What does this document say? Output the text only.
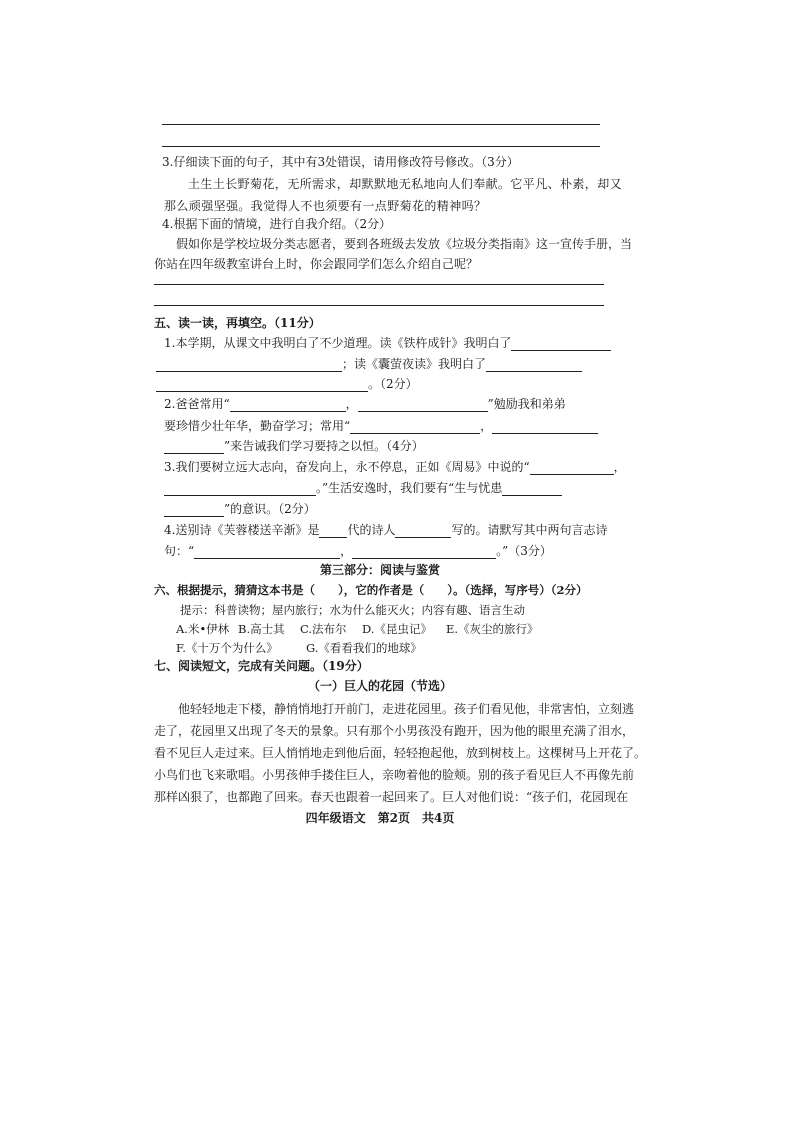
3.仔细读下面的句子，其中有3处错误，请用修改符号修改。（3分）
土生土长野菊花，无所需求，却默默地无私地向人们奉献。它平凡、朴素，却又
那么顽强坚强。我觉得人不也须要有一点野菊花的精神吗？
4.根据下面的情境，进行自我介绍。（2分）
假如你是学校垃圾分类志愿者，要到各班级去发放《垃圾分类指南》这一宣传手册，当
你站在四年级教室讲台上时，你会跟同学们怎么介绍自己呢？
五、读一读，再填空。（11分）
1.本学期，从课文中我明白了不少道理。读《铁杵成针》我明白了
；读《囊萤夜读》我明白了
。（2分）
2.爸爸常用“	，	”勉励我和弟弟
要珍惜少壮年华，勤奋学习；常用“	，
”来告诫我们学习要持之以恒。（4分）
3.我们要树立远大志向，奋发向上，永不停息，正如《周易》中说的“	，
。”生活安逸时，我们要有“生与忧患
”的意识。（2分）
4.送别诗《芙蓉楼送辛渐》是 代的诗人	写的。请默写其中两句言志诗
句：“	，	。”（3分）
第三部分：阅读与鉴赏
六、根据提示，猜猜这本书是（　　），它的作者是（　　）。（选择，写序号）（2分）
提示：科普读物；屋内旅行；水为什么能灭火；内容有趣、语言生动
A.米•伊林 B.高士其 C.法布尔 D.《昆虫记》 E.《灰尘的旅行》
F.《十万个为什么》 G.《看看我们的地球》
七、阅读短文，完成有关问题。（19分）
（一）巨人的花园（节选）
他轻轻地走下楼，静悄悄地打开前门，走进花园里。孩子们看见他，非常害怕，立刻逃
走了，花园里又出现了冬天的景象。只有那个小男孩没有跑开，因为他的眼里充满了泪水，
看不见巨人走过来。巨人悄悄地走到他后面，轻轻抱起他，放到树枝上。这棵树马上开花了。
小鸟们也飞来歌唱。小男孩伸手搂住巨人，亲吻着他的脸颊。别的孩子看见巨人不再像先前
那样凶狠了，也都跑了回来。春天也跟着一起回来了。巨人对他们说：“孩子们，花园现在
四年级语文　第2页　共4页
